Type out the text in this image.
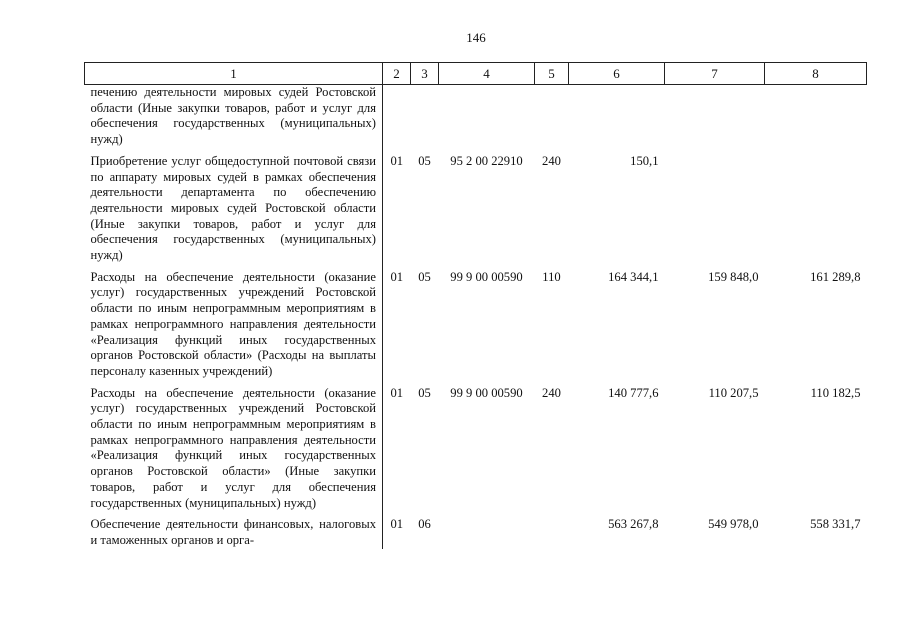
146
1	2	3	4	5	6	7	8
печению деятельности мировых судей Ростовской области (Иные закупки товаров, работ и услуг для обеспечения государственных (муниципальных) нужд)							
Приобретение услуг общедоступной почтовой связи по аппарату мировых судей в рамках обеспечения деятельности департамента по обеспечению деятельности мировых судей Ростовской области (Иные закупки товаров, работ и услуг для обеспечения государственных (муниципальных) нужд)	01	05	95 2 00 22910	240	150,1		
Расходы на обеспечение деятельности (оказание услуг) государственных учреждений Ростовской области по иным непрограммным мероприятиям в рамках непрограммного направления деятельности «Реализация функций иных государственных органов Ростовской области» (Расходы на выплаты персоналу казенных учреждений)	01	05	99 9 00 00590	110	164 344,1	159 848,0	161 289,8
Расходы на обеспечение деятельности (оказание услуг) государственных учреждений Ростовской области по иным непрограммным мероприятиям в рамках непрограммного направления деятельности «Реализация функций иных государственных органов Ростовской области» (Иные закупки товаров, работ и услуг для обеспечения государственных (муниципальных) нужд)	01	05	99 9 00 00590	240	140 777,6	110 207,5	110 182,5
Обеспечение деятельности финансовых, налоговых и таможенных органов и орга-	01	06			563 267,8	549 978,0	558 331,7
